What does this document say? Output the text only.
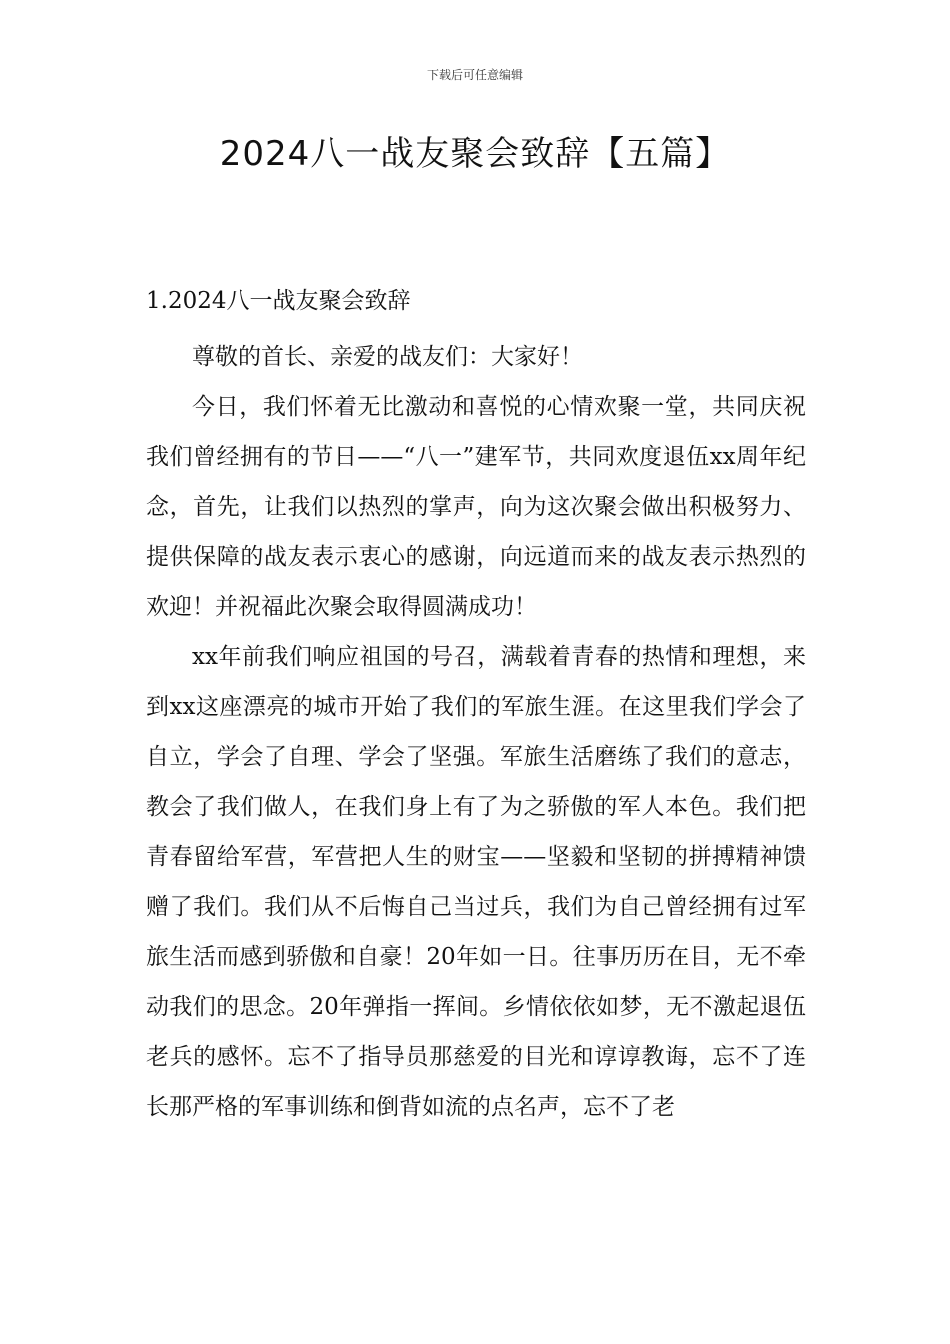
下载后可任意编辑
2024八一战友聚会致辞【五篇】
1.2024八一战友聚会致辞

尊敬的首长、亲爱的战友们：大家好！

今日，我们怀着无比激动和喜悦的心情欢聚一堂，共同庆祝我们曾经拥有的节日——“八一”建军节，共同欢度退伍xx周年纪念，首先，让我们以热烈的掌声，向为这次聚会做出积极努力、提供保障的战友表示衷心的感谢，向远道而来的战友表示热烈的欢迎！并祝福此次聚会取得圆满成功！

xx年前我们响应祖国的号召，满载着青春的热情和理想，来到xx这座漂亮的城市开始了我们的军旅生涯。在这里我们学会了自立，学会了自理、学会了坚强。军旅生活磨练了我们的意志，教会了我们做人，在我们身上有了为之骄傲的军人本色。我们把青春留给军营，军营把人生的财宝——坚毅和坚韧的拼搏精神馈赠了我们。我们从不后悔自己当过兵，我们为自己曾经拥有过军旅生活而感到骄傲和自豪！20年如一日。往事历历在目，无不牵动我们的思念。20年弹指一挥间。乡情依依如梦，无不激起退伍老兵的感怀。忘不了指导员那慈爱的目光和谆谆教诲，忘不了连长那严格的军事训练和倒背如流的点名声，忘不了老
